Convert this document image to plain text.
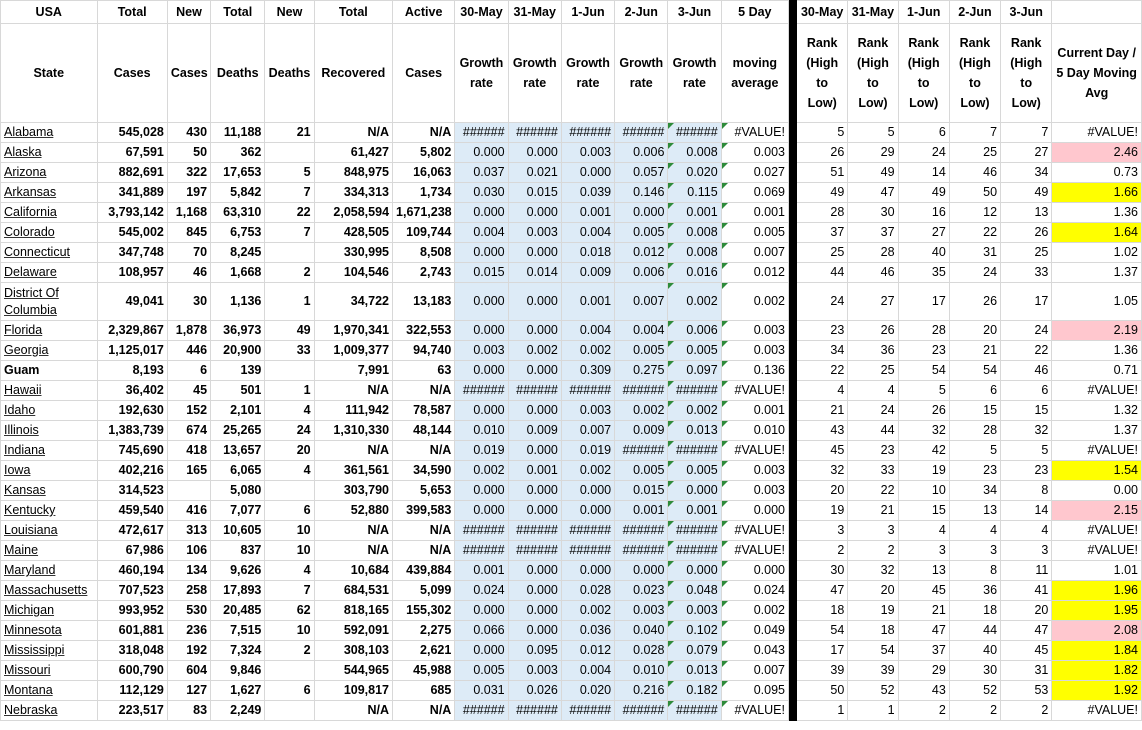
USA	Total	New	Total	New	Total	Active	30-May	31-May	1-Jun	2-Jun	3-Jun	5 Day		30-May	31-May	1-Jun	2-Jun	3-Jun	
State	Cases	Cases	Deaths	Deaths	Recovered	Cases	Growth rate	Growth rate	Growth rate	Growth rate	Growth rate	moving average		Rank (High to Low)	Rank (High to Low)	Rank (High to Low)	Rank (High to Low)	Rank (High to Low)	Current Day / 5 Day Moving Avg
Alabama	545,028	430	11,188	21	N/A	N/A	######	######	######	######	######	#VALUE!		5	5	6	7	7	#VALUE!
Alaska	67,591	50	362		61,427	5,802	0.000	0.000	0.003	0.006	0.008	0.003		26	29	24	25	27	2.46
Arizona	882,691	322	17,653	5	848,975	16,063	0.037	0.021	0.000	0.057	0.020	0.027		51	49	14	46	34	0.73
Arkansas	341,889	197	5,842	7	334,313	1,734	0.030	0.015	0.039	0.146	0.115	0.069		49	47	49	50	49	1.66
California	3,793,142	1,168	63,310	22	2,058,594	1,671,238	0.000	0.000	0.001	0.000	0.001	0.001		28	30	16	12	13	1.36
Colorado	545,002	845	6,753	7	428,505	109,744	0.004	0.003	0.004	0.005	0.008	0.005		37	37	27	22	26	1.64
Connecticut	347,748	70	8,245		330,995	8,508	0.000	0.000	0.018	0.012	0.008	0.007		25	28	40	31	25	1.02
Delaware	108,957	46	1,668	2	104,546	2,743	0.015	0.014	0.009	0.006	0.016	0.012		44	46	35	24	33	1.37
District Of Columbia	49,041	30	1,136	1	34,722	13,183	0.000	0.000	0.001	0.007	0.002	0.002		24	27	17	26	17	1.05
Florida	2,329,867	1,878	36,973	49	1,970,341	322,553	0.000	0.000	0.004	0.004	0.006	0.003		23	26	28	20	24	2.19
Georgia	1,125,017	446	20,900	33	1,009,377	94,740	0.003	0.002	0.002	0.005	0.005	0.003		34	36	23	21	22	1.36
Guam	8,193	6	139		7,991	63	0.000	0.000	0.309	0.275	0.097	0.136		22	25	54	54	46	0.71
Hawaii	36,402	45	501	1	N/A	N/A	######	######	######	######	######	#VALUE!		4	4	5	6	6	#VALUE!
Idaho	192,630	152	2,101	4	111,942	78,587	0.000	0.000	0.003	0.002	0.002	0.001		21	24	26	15	15	1.32
Illinois	1,383,739	674	25,265	24	1,310,330	48,144	0.010	0.009	0.007	0.009	0.013	0.010		43	44	32	28	32	1.37
Indiana	745,690	418	13,657	20	N/A	N/A	0.019	0.000	0.019	######	######	#VALUE!		45	23	42	5	5	#VALUE!
Iowa	402,216	165	6,065	4	361,561	34,590	0.002	0.001	0.002	0.005	0.005	0.003		32	33	19	23	23	1.54
Kansas	314,523		5,080		303,790	5,653	0.000	0.000	0.000	0.015	0.000	0.003		20	22	10	34	8	0.00
Kentucky	459,540	416	7,077	6	52,880	399,583	0.000	0.000	0.000	0.001	0.001	0.000		19	21	15	13	14	2.15
Louisiana	472,617	313	10,605	10	N/A	N/A	######	######	######	######	######	#VALUE!		3	3	4	4	4	#VALUE!
Maine	67,986	106	837	10	N/A	N/A	######	######	######	######	######	#VALUE!		2	2	3	3	3	#VALUE!
Maryland	460,194	134	9,626	4	10,684	439,884	0.001	0.000	0.000	0.000	0.000	0.000		30	32	13	8	11	1.01
Massachusetts	707,523	258	17,893	7	684,531	5,099	0.024	0.000	0.028	0.023	0.048	0.024		47	20	45	36	41	1.96
Michigan	993,952	530	20,485	62	818,165	155,302	0.000	0.000	0.002	0.003	0.003	0.002		18	19	21	18	20	1.95
Minnesota	601,881	236	7,515	10	592,091	2,275	0.066	0.000	0.036	0.040	0.102	0.049		54	18	47	44	47	2.08
Mississippi	318,048	192	7,324	2	308,103	2,621	0.000	0.095	0.012	0.028	0.079	0.043		17	54	37	40	45	1.84
Missouri	600,790	604	9,846		544,965	45,988	0.005	0.003	0.004	0.010	0.013	0.007		39	39	29	30	31	1.82
Montana	112,129	127	1,627	6	109,817	685	0.031	0.026	0.020	0.216	0.182	0.095		50	52	43	52	53	1.92
Nebraska	223,517	83	2,249		N/A	N/A	######	######	######	######	######	#VALUE!		1	1	2	2	2	#VALUE!
